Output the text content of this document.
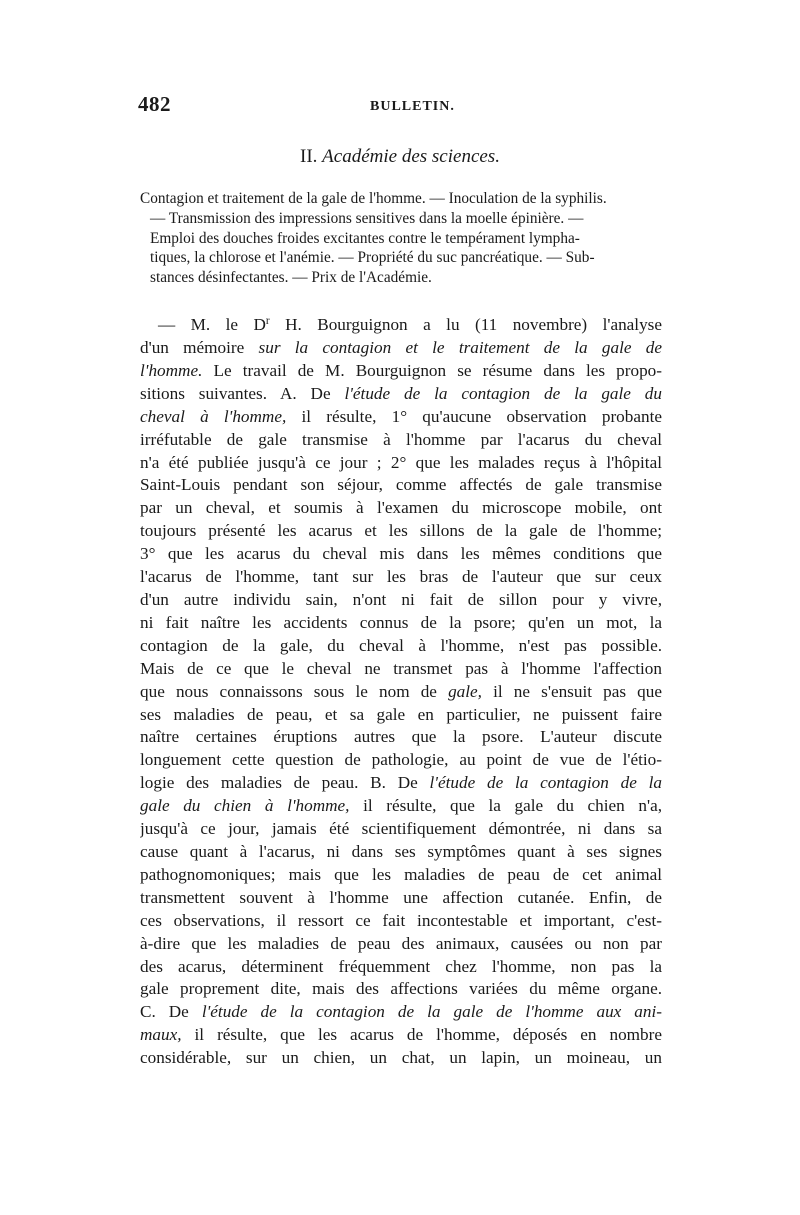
482	BULLETIN.
II. Académie des sciences.
Contagion et traitement de la gale de l'homme. — Inoculation de la syphilis.
— Transmission des impressions sensitives dans la moelle épinière. —
Emploi des douches froides excitantes contre le tempérament lympha-
tiques, la chlorose et l'anémie. — Propriété du suc pancréatique. — Sub-
stances désinfectantes. — Prix de l'Académie.
— M. le $D^r$ H. Bourguignon a lu (11 novembre) l'analyse
d'un mémoire sur la contagion et le traitement de la gale de
l'homme. Le travail de M. Bourguignon se résume dans les propo-
sitions suivantes. A. De l'étude de la contagion de la gale du
cheval à l'homme, il résulte, 1° qu'aucune observation probante
irréfutable de gale transmise à l'homme par l'acarus du cheval
n'a été publiée jusqu'à ce jour ; 2° que les malades reçus à l'hôpital
Saint-Louis pendant son séjour, comme affectés de gale transmise
par un cheval, et soumis à l'examen du microscope mobile, ont
toujours présenté les acarus et les sillons de la gale de l'homme;
3° que les acarus du cheval mis dans les mêmes conditions que
l'acarus de l'homme, tant sur les bras de l'auteur que sur ceux
d'un autre individu sain, n'ont ni fait de sillon pour y vivre,
ni fait naître les accidents connus de la psore; qu'en un mot, la
contagion de la gale, du cheval à l'homme, n'est pas possible.
Mais de ce que le cheval ne transmet pas à l'homme l'affection
que nous connaissons sous le nom de gale, il ne s'ensuit pas que
ses maladies de peau, et sa gale en particulier, ne puissent faire
naître certaines éruptions autres que la psore. L'auteur discute
longuement cette question de pathologie, au point de vue de l'étio-
logie des maladies de peau. B. De l'étude de la contagion de la
gale du chien à l'homme, il résulte, que la gale du chien n'a,
jusqu'à ce jour, jamais été scientifiquement démontrée, ni dans sa
cause quant à l'acarus, ni dans ses symptômes quant à ses signes
pathognomoniques; mais que les maladies de peau de cet animal
transmettent souvent à l'homme une affection cutanée. Enfin, de
ces observations, il ressort ce fait incontestable et important, c'est-
à-dire que les maladies de peau des animaux, causées ou non par
des acarus, déterminent fréquemment chez l'homme, non pas la
gale proprement dite, mais des affections variées du même organe.
C. De l'étude de la contagion de la gale de l'homme aux ani-
maux, il résulte, que les acarus de l'homme, déposés en nombre
considérable, sur un chien, un chat, un lapin, un moineau, un
